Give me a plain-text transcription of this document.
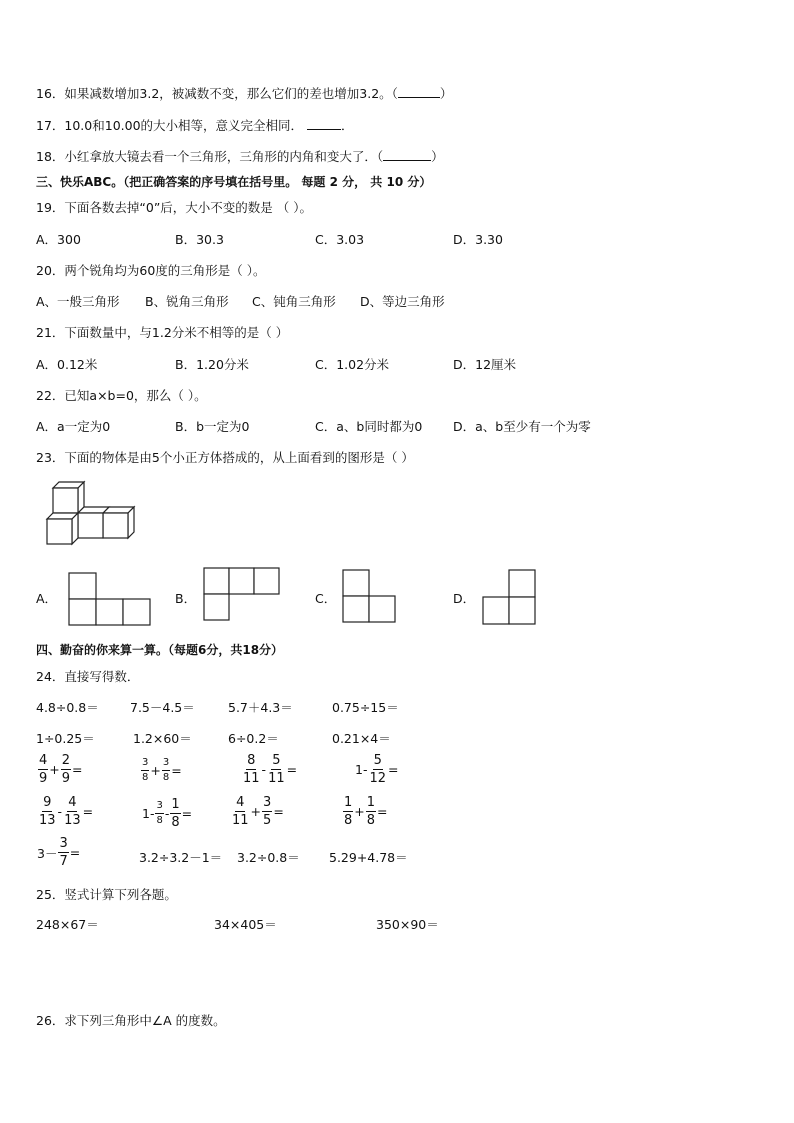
16．如果减数增加3.2，被减数不变，那么它们的差也增加3.2。（	）
17．10.0和10.00的大小相等，意义完全相同．	．
18．小红拿放大镜去看一个三角形，三角形的内角和变大了．（	）
三、快乐ABC。（把正确答案的序号填在括号里。 每题 2 分， 共 10 分）
19．下面各数去掉“0”后，大小不变的数是 （ ）。
A．300	B．30.3	C．3.03	D．3.30
20．两个锐角均为60度的三角形是（ ）。
A、一般三角形 B、锐角三角形 C、钝角三角形 D、等边三角形
21．下面数量中，与1.2分米不相等的是（ ）
A．0.12米	B．1.20分米	C．1.02分米	D．12厘米
22．已知a×b=0，那么（ ）。
A．a一定为0	B．b一定为0	C．a、b同时都为0 D．a、b至少有一个为零
23．下面的物体是由5个小正方体搭成的，从上面看到的图形是（ ）
A．	B．	C．	D．
四、勤奋的你来算一算。（每题6分，共18分）
24．直接写得数．
4.8÷0.8＝	7.5－4.5＝	5.7＋4.3＝	0.75÷15＝
1÷0.25＝	1.2×60＝	6÷0.2＝	0.21×4＝
$\frac{4}{9} + \frac{2}{9}$ =	$\frac{3}{8} + \frac{3}{8}$ =	$\frac{8}{11} - \frac{5}{11}$ =	$1- \frac{5}{12}$ =
$\frac{9}{13} - \frac{4}{13}$ =	$1- \frac{3}{8} - \frac{1}{8}$ =	$\frac{4}{11} + \frac{3}{5}$ =	$\frac{1}{8} + \frac{1}{8}$ =
$3- \frac{3}{7}$ =	3.2÷3.2－1＝ 3.2÷0.8＝ 5.29+4.78＝
25．竖式计算下列各题。
248×67＝	34×405＝	350×90＝
26．求下列三角形中∠A 的度数。
